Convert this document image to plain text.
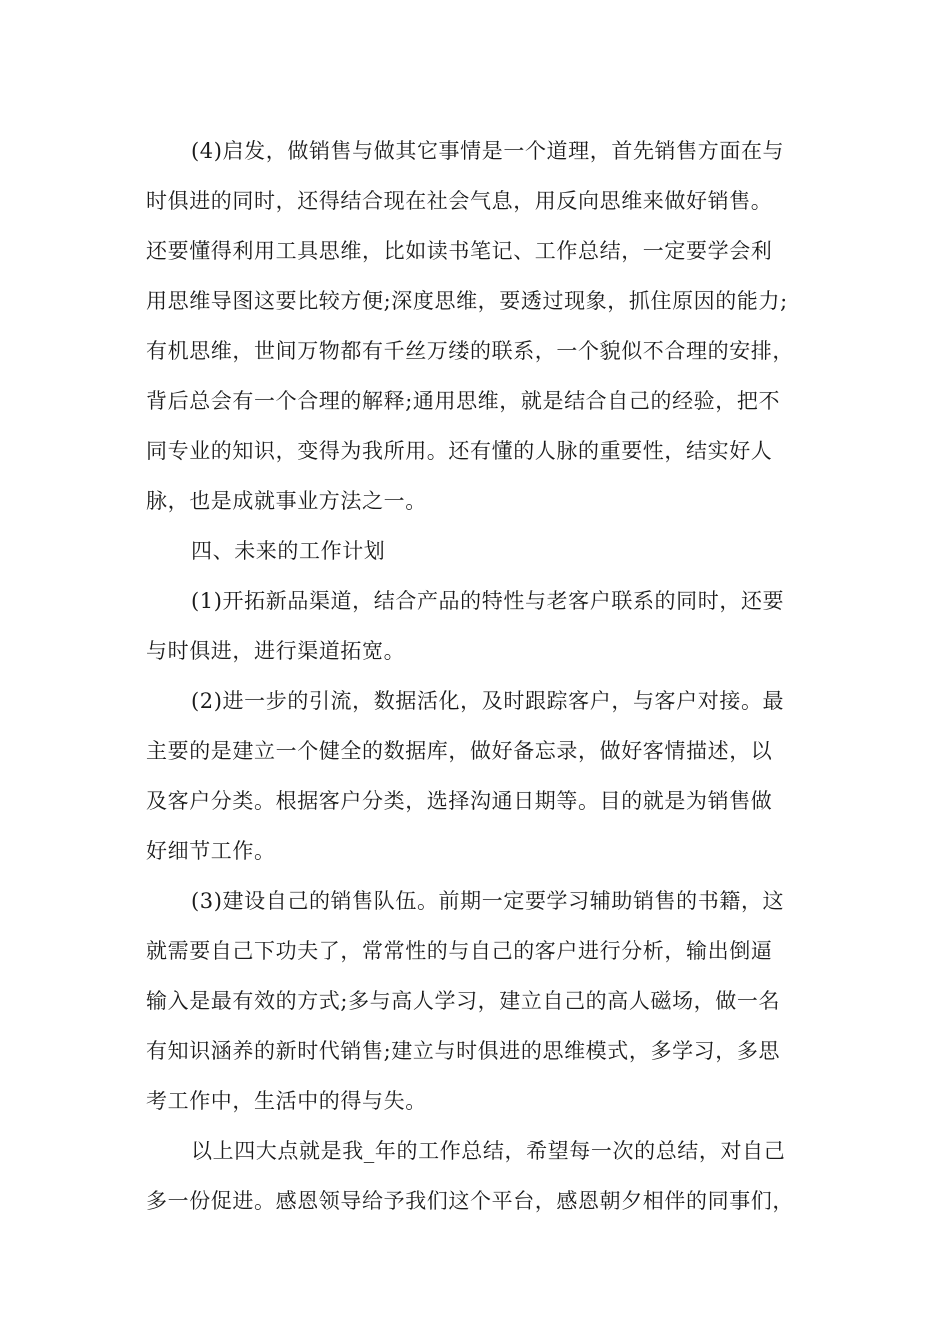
(4)启发，做销售与做其它事情是一个道理，首先销售方面在与
时俱进的同时，还得结合现在社会气息，用反向思维来做好销售。
还要懂得利用工具思维，比如读书笔记、工作总结，一定要学会利
用思维导图这要比较方便;深度思维，要透过现象，抓住原因的能力;
有机思维，世间万物都有千丝万缕的联系，一个貌似不合理的安排，
背后总会有一个合理的解释;通用思维，就是结合自己的经验，把不
同专业的知识，变得为我所用。还有懂的人脉的重要性，结实好人
脉，也是成就事业方法之一。
四、未来的工作计划
(1)开拓新品渠道，结合产品的特性与老客户联系的同时，还要
与时俱进，进行渠道拓宽。
(2)进一步的引流，数据活化，及时跟踪客户，与客户对接。最
主要的是建立一个健全的数据库，做好备忘录，做好客情描述，以
及客户分类。根据客户分类，选择沟通日期等。目的就是为销售做
好细节工作。
(3)建设自己的销售队伍。前期一定要学习辅助销售的书籍，这
就需要自己下功夫了，常常性的与自己的客户进行分析，输出倒逼
输入是最有效的方式;多与高人学习，建立自己的高人磁场，做一名
有知识涵养的新时代销售;建立与时俱进的思维模式，多学习，多思
考工作中，生活中的得与失。
以上四大点就是我_年的工作总结，希望每一次的总结，对自己
多一份促进。感恩领导给予我们这个平台，感恩朝夕相伴的同事们，
